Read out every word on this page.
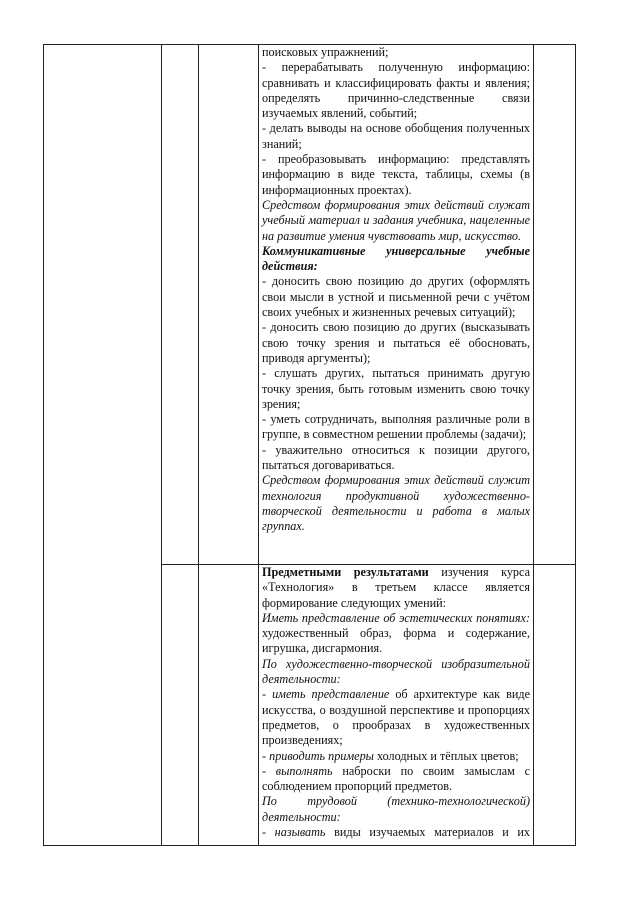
поисковых упражнений;

- перерабатывать полученную информацию: сравнивать и классифицировать факты и явления; определять причинно-следственные связи изучаемых явлений, событий;

- делать выводы на основе обобщения полученных знаний;

- преобразовывать информацию: представлять информацию в виде текста, таблицы, схемы (в информационных проектах).

Средством формирования этих действий служат учебный материал и задания учебника, нацеленные на развитие умения чувствовать мир, искусство.

Коммуникативные универсальные учебные действия:

- доносить свою позицию до других (оформлять свои мысли в устной и письменной речи с учётом своих учебных и жизненных речевых ситуаций);

- доносить свою позицию до других (высказывать свою точку зрения и пытаться её обосновать, приводя аргументы);

- слушать других, пытаться принимать другую точку зрения, быть готовым изменить свою точку зрения;

- уметь сотрудничать, выполняя различные роли в группе, в совместном решении проблемы (задачи);

- уважительно относиться к позиции другого, пытаться договариваться.

Средством формирования этих действий служит технология продуктивной художественно-творческой деятельности и работа в малых группах.

Предметными результатами изучения курса «Технология» в третьем классе является формирование следующих умений:

Иметь представление об эстетических понятиях: художественный образ, форма и содержание, игрушка, дисгармония.

По художественно-творческой изобразительной деятельности:

- иметь представление об архитектуре как виде искусства, о воздушной перспективе и пропорциях предметов, о прообразах в художественных произведениях;

- приводить примеры холодных и тёплых цветов;

- выполнять наброски по своим замыслам с соблюдением пропорций предметов.

По трудовой (технико-технологической) деятельности:

- называть виды изучаемых материалов и их
